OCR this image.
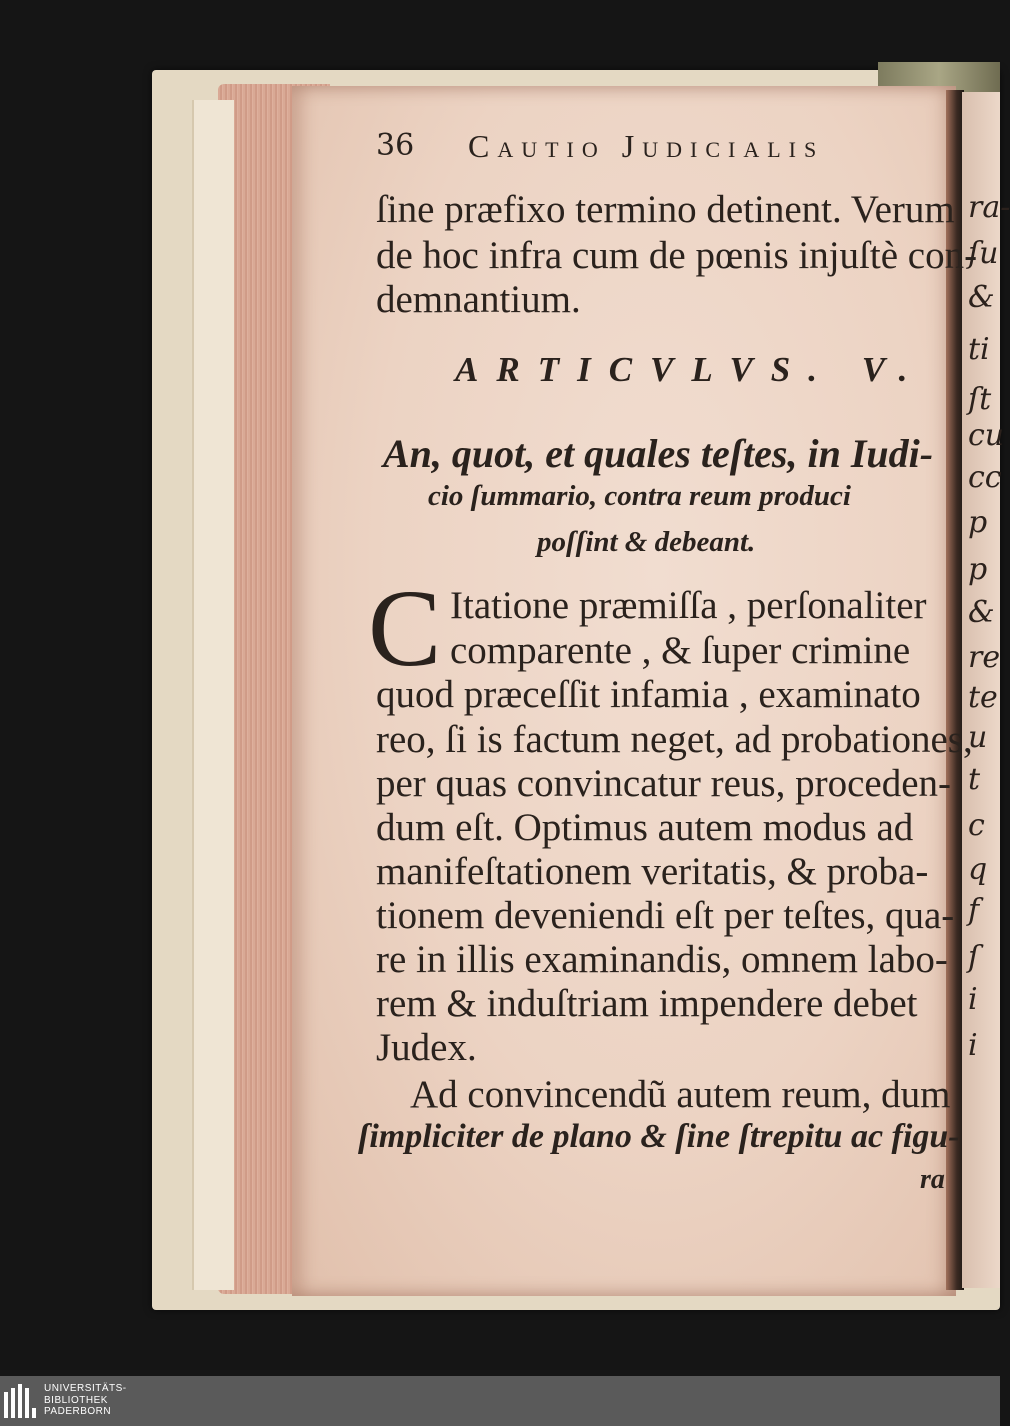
ra-
ſu
&
ti
ſt
cu
cc
p
p
&
re
te
u
t
c
q
f
ſ
i
i
36 Cautio Judicialis
ſine præfixo termino detinent. Verum
de hoc infra cum de pœnis injuſtè con-
demnantium.
ARTICVLVS. V.
An, quot, et quales teſtes, in Iudi-
cio ſummario, contra reum produci
poſſint & debeant.
C Itatione præmiſſa , perſonaliter
comparente , & ſuper crimine
quod præceſſit infamia , examinato
reo, ſi is factum neget, ad probationes,
per quas convincatur reus, proceden-
dum eſt. Optimus autem modus ad
manifeſtationem veritatis, & proba-
tionem deveniendi eſt per teſtes, qua-
re in illis examinandis, omnem labo-
rem & induſtriam impendere debet
Judex.
Ad convincendũ autem reum, dum
ſimpliciter de plano & ſine ſtrepitu ac figu-
ra
UNIVERSITÄTS-
BIBLIOTHEK
PADERBORN
